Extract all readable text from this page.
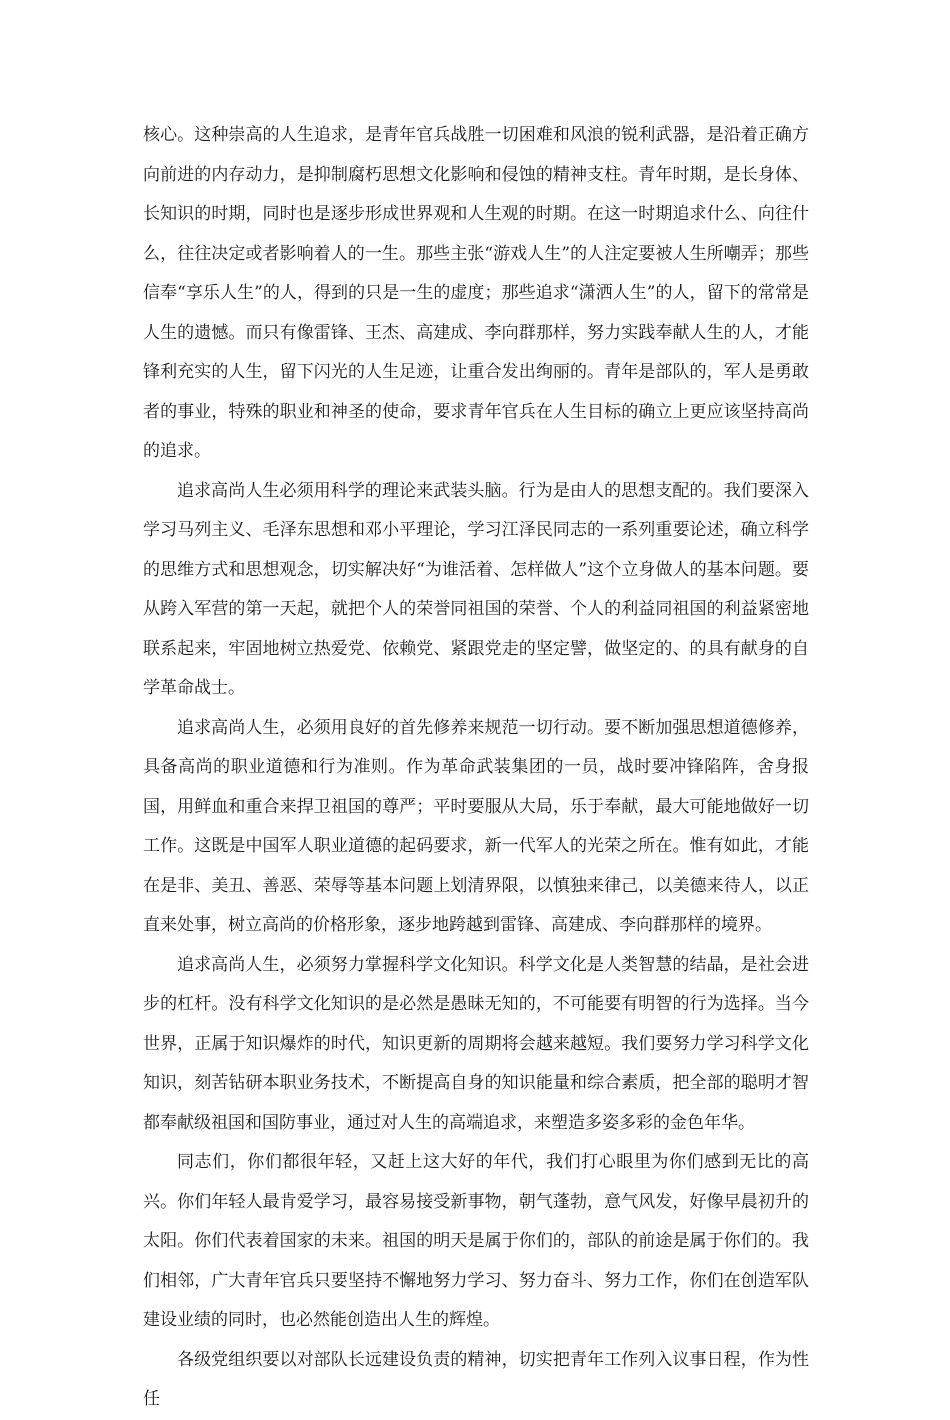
核心。这种崇高的人生追求，是青年官兵战胜一切困难和风浪的锐利武器，是沿着正确方向前进的内存动力，是抑制腐朽思想文化影响和侵蚀的精神支柱。青年时期，是长身体、长知识的时期，同时也是逐步形成世界观和人生观的时期。在这一时期追求什么、向往什么，往往决定或者影响着人的一生。那些主张“游戏人生”的人注定要被人生所嘲弄；那些信奉“享乐人生”的人，得到的只是一生的虚度；那些追求“潇洒人生”的人，留下的常常是人生的遗憾。而只有像雷锋、王杰、高建成、李向群那样，努力实践奉献人生的人，才能锋利充实的人生，留下闪光的人生足迹，让重合发出绚丽的。青年是部队的，军人是勇敢者的事业，特殊的职业和神圣的使命，要求青年官兵在人生目标的确立上更应该坚持高尚的追求。

追求高尚人生必须用科学的理论来武装头脑。行为是由人的思想支配的。我们要深入学习马列主义、毛泽东思想和邓小平理论，学习江泽民同志的一系列重要论述，确立科学的思维方式和思想观念，切实解决好“为谁活着、怎样做人”这个立身做人的基本问题。要从跨入军营的第一天起，就把个人的荣誉同祖国的荣誉、个人的利益同祖国的利益紧密地联系起来，牢固地树立热爱党、依赖党、紧跟党走的坚定譬，做坚定的、的具有献身的自学革命战士。

追求高尚人生，必须用良好的首先修养来规范一切行动。要不断加强思想道德修养，具备高尚的职业道德和行为准则。作为革命武装集团的一员，战时要冲锋陷阵，舍身报国，用鲜血和重合来捍卫祖国的尊严；平时要服从大局，乐于奉献，最大可能地做好一切工作。这既是中国军人职业道德的起码要求，新一代军人的光荣之所在。惟有如此，才能在是非、美丑、善恶、荣辱等基本问题上划清界限，以慎独来律己，以美德来待人，以正直来处事，树立高尚的价格形象，逐步地跨越到雷锋、高建成、李向群那样的境界。

追求高尚人生，必须努力掌握科学文化知识。科学文化是人类智慧的结晶，是社会进步的杠杆。没有科学文化知识的是必然是愚昧无知的，不可能要有明智的行为选择。当今世界，正属于知识爆炸的时代，知识更新的周期将会越来越短。我们要努力学习科学文化知识，刻苦钻研本职业务技术，不断提高自身的知识能量和综合素质，把全部的聪明才智都奉献级祖国和国防事业，通过对人生的高端追求，来塑造多姿多彩的金色年华。

同志们，你们都很年轻，又赶上这大好的年代，我们打心眼里为你们感到无比的高兴。你们年轻人最肯爱学习，最容易接受新事物，朝气蓬勃，意气风发，好像早晨初升的太阳。你们代表着国家的未来。祖国的明天是属于你们的，部队的前途是属于你们的。我们相邻，广大青年官兵只要坚持不懈地努力学习、努力奋斗、努力工作，你们在创造军队建设业绩的同时，也必然能创造出人生的辉煌。

各级党组织要以对部队长远建设负责的精神，切实把青年工作列入议事日程，作为性任
